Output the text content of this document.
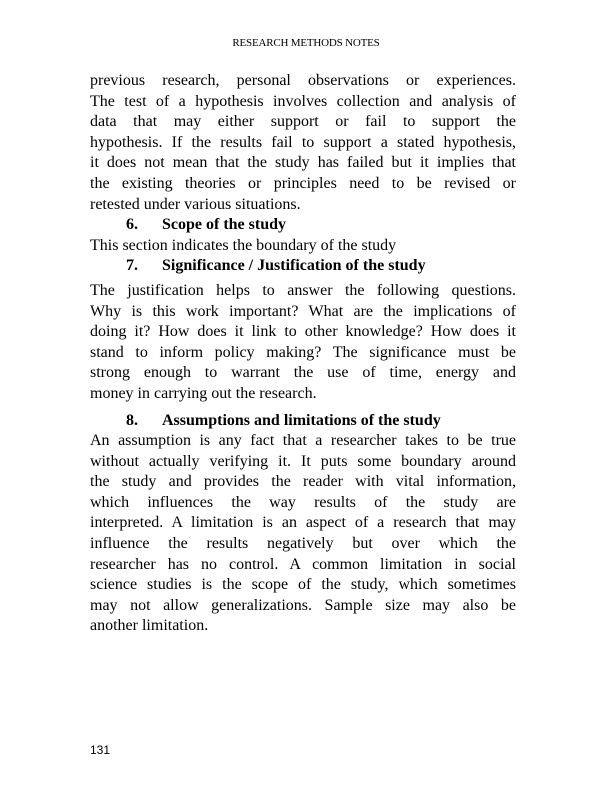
RESEARCH METHODS NOTES

previous research, personal observations or experiences.
The test of a hypothesis involves collection and analysis of
data that may either support or fail to support the
hypothesis. If the results fail to support a stated hypothesis,
it does not mean that the study has failed but it implies that
the existing theories or principles need to be revised or
retested under various situations.

6.	Scope of the study

This section indicates the boundary of the study

7.	Significance / Justification of the study

The justification helps to answer the following questions.
Why is this work important? What are the implications of
doing it? How does it link to other knowledge? How does it
stand to inform policy making? The significance must be
strong enough to warrant the use of time, energy and
money in carrying out the research.

8.	Assumptions and limitations of the study

An assumption is any fact that a researcher takes to be true
without actually verifying it. It puts some boundary around
the study and provides the reader with vital information,
which influences the way results of the study are
interpreted. A limitation is an aspect of a research that may
influence the results negatively but over which the
researcher has no control. A common limitation in social
science studies is the scope of the study, which sometimes
may not allow generalizations. Sample size may also be
another limitation.

131
